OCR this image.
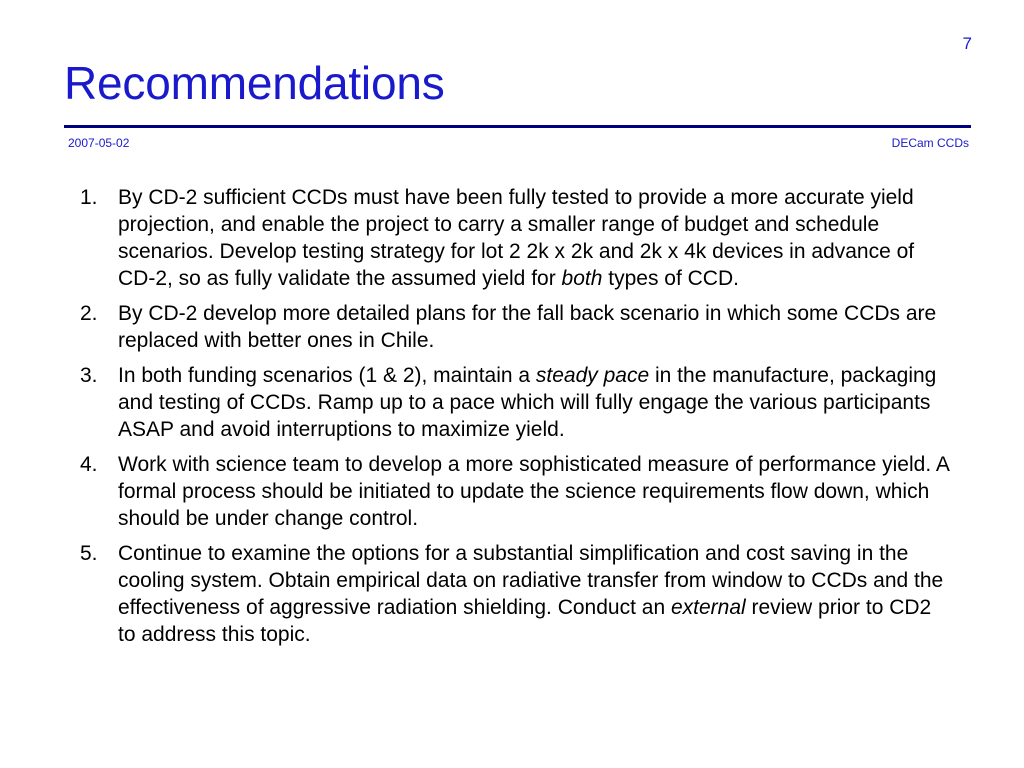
7
Recommendations
2007-05-02	DECam CCDs
1. By CD-2 sufficient CCDs must have been fully tested to provide a more accurate yield projection, and enable the project to carry a smaller range of budget and schedule scenarios. Develop testing strategy for lot 2 2k x 2k and 2k x 4k devices in advance of CD-2, so as fully validate the assumed yield for both types of CCD.
2. By CD-2 develop more detailed plans for the fall back scenario in which some CCDs are replaced with better ones in Chile.
3. In both funding scenarios (1 & 2), maintain a steady pace in the manufacture, packaging and testing of CCDs. Ramp up to a pace which will fully engage the various participants ASAP and avoid interruptions to maximize yield.
4. Work with science team to develop a more sophisticated measure of performance yield. A formal process should be initiated to update the science requirements flow down, which should be under change control.
5. Continue to examine the options for a substantial simplification and cost saving in the cooling system. Obtain empirical data on radiative transfer from window to CCDs and the effectiveness of aggressive radiation shielding. Conduct an external review prior to CD2 to address this topic.
